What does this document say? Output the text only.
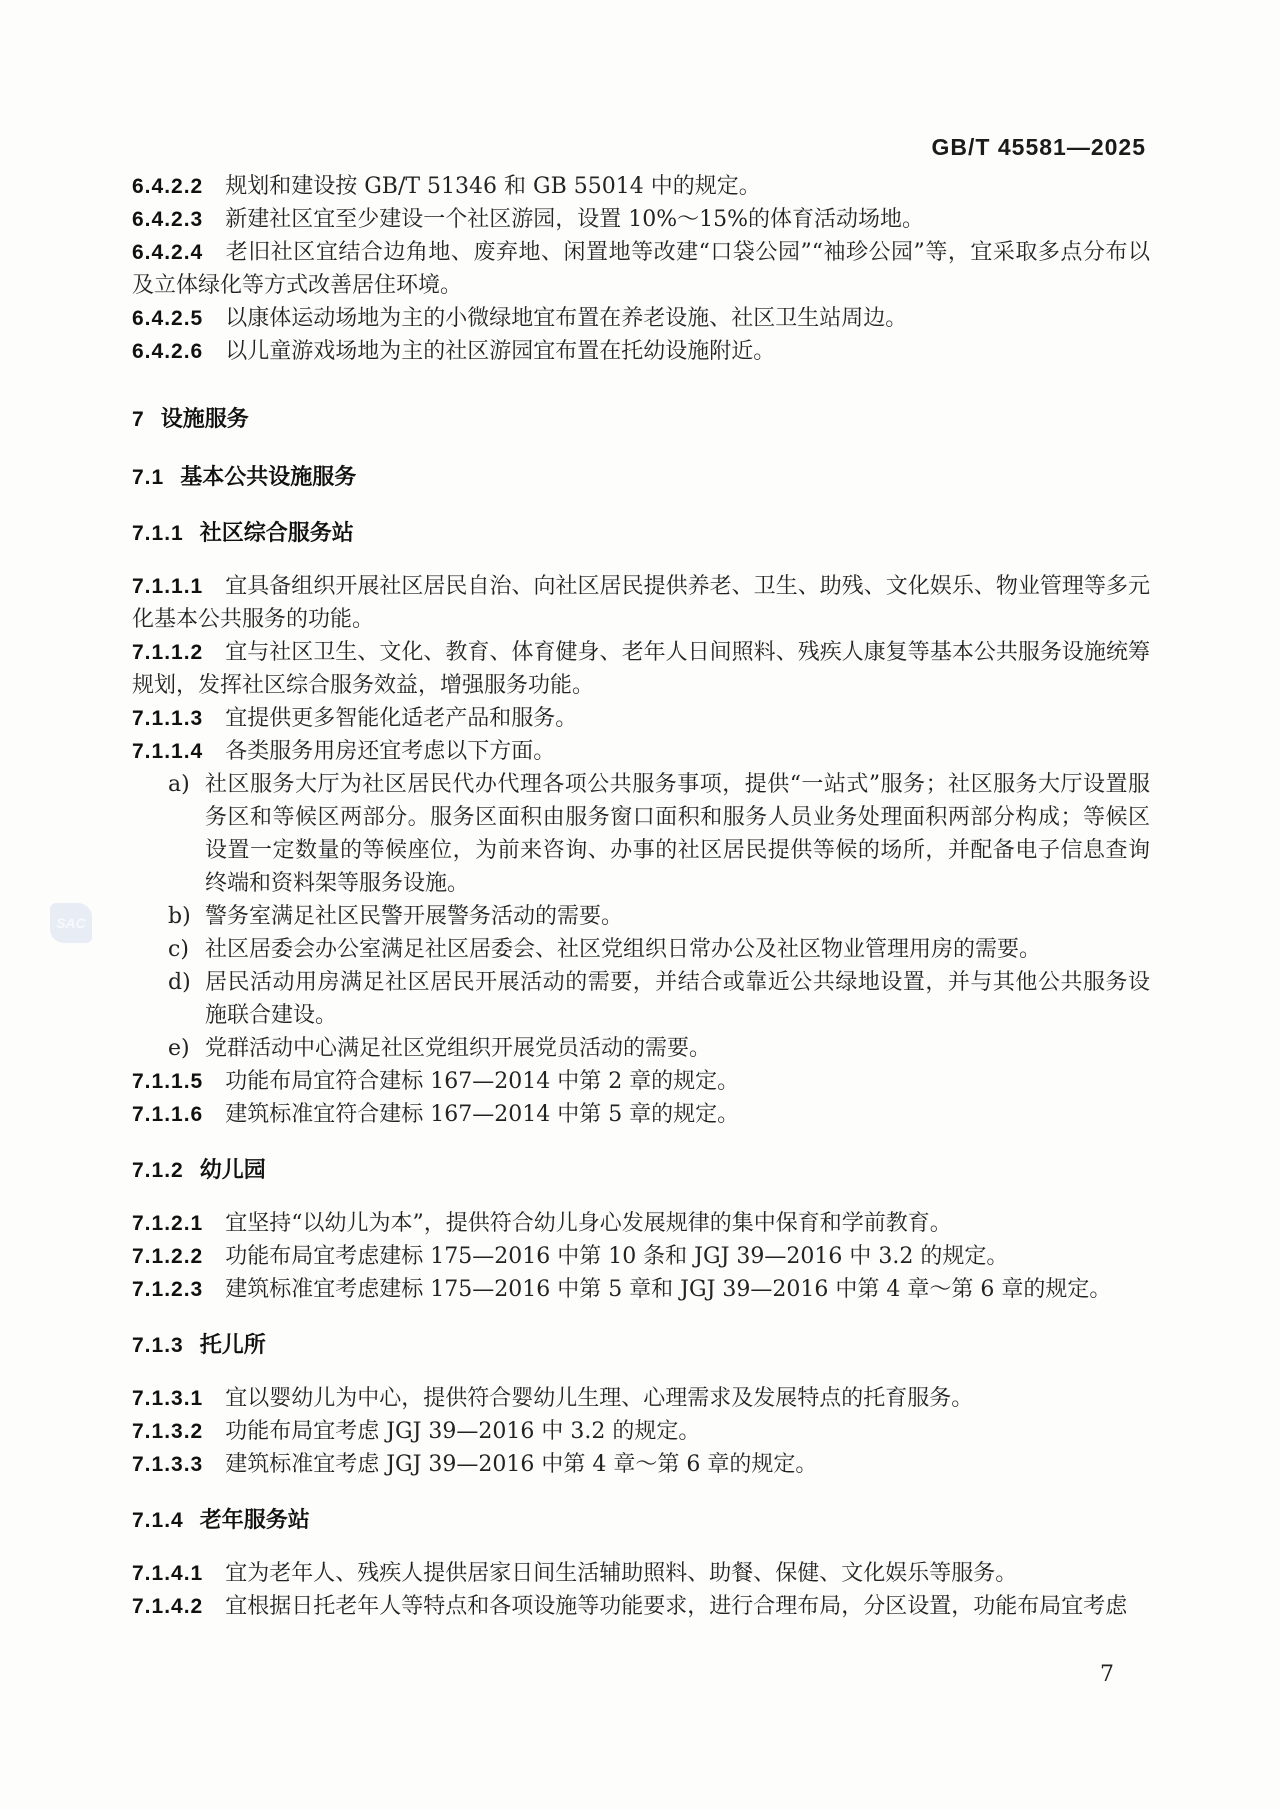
GB/T 45581—2025
SAC

6.4.2.2 规划和建设按 GB/T 51346 和 GB 55014 中的规定。

6.4.2.3 新建社区宜至少建设一个社区游园，设置 10%～15%的体育活动场地。

6.4.2.4 老旧社区宜结合边角地、废弃地、闲置地等改建“口袋公园”“袖珍公园”等，宜采取多点分布以及立体绿化等方式改善居住环境。

6.4.2.5 以康体运动场地为主的小微绿地宜布置在养老设施、社区卫生站周边。

6.4.2.6 以儿童游戏场地为主的社区游园宜布置在托幼设施附近。

7 设施服务

7.1 基本公共设施服务

7.1.1 社区综合服务站

7.1.1.1 宜具备组织开展社区居民自治、向社区居民提供养老、卫生、助残、文化娱乐、物业管理等多元化基本公共服务的功能。

7.1.1.2 宜与社区卫生、文化、教育、体育健身、老年人日间照料、残疾人康复等基本公共服务设施统筹规划，发挥社区综合服务效益，增强服务功能。

7.1.1.3 宜提供更多智能化适老产品和服务。

7.1.1.4 各类服务用房还宜考虑以下方面。

a) 社区服务大厅为社区居民代办代理各项公共服务事项，提供“一站式”服务；社区服务大厅设置服务区和等候区两部分。服务区面积由服务窗口面积和服务人员业务处理面积两部分构成；等候区设置一定数量的等候座位，为前来咨询、办事的社区居民提供等候的场所，并配备电子信息查询终端和资料架等服务设施。

b) 警务室满足社区民警开展警务活动的需要。

c) 社区居委会办公室满足社区居委会、社区党组织日常办公及社区物业管理用房的需要。

d) 居民活动用房满足社区居民开展活动的需要，并结合或靠近公共绿地设置，并与其他公共服务设施联合建设。

e) 党群活动中心满足社区党组织开展党员活动的需要。

7.1.1.5 功能布局宜符合建标 167—2014 中第 2 章的规定。

7.1.1.6 建筑标准宜符合建标 167—2014 中第 5 章的规定。

7.1.2 幼儿园

7.1.2.1 宜坚持“以幼儿为本”，提供符合幼儿身心发展规律的集中保育和学前教育。

7.1.2.2 功能布局宜考虑建标 175—2016 中第 10 条和 JGJ 39—2016 中 3.2 的规定。

7.1.2.3 建筑标准宜考虑建标 175—2016 中第 5 章和 JGJ 39—2016 中第 4 章～第 6 章的规定。

7.1.3 托儿所

7.1.3.1 宜以婴幼儿为中心，提供符合婴幼儿生理、心理需求及发展特点的托育服务。

7.1.3.2 功能布局宜考虑 JGJ 39—2016 中 3.2 的规定。

7.1.3.3 建筑标准宜考虑 JGJ 39—2016 中第 4 章～第 6 章的规定。

7.1.4 老年服务站

7.1.4.1 宜为老年人、残疾人提供居家日间生活辅助照料、助餐、保健、文化娱乐等服务。

7.1.4.2 宜根据日托老年人等特点和各项设施等功能要求，进行合理布局，分区设置，功能布局宜考虑

7
